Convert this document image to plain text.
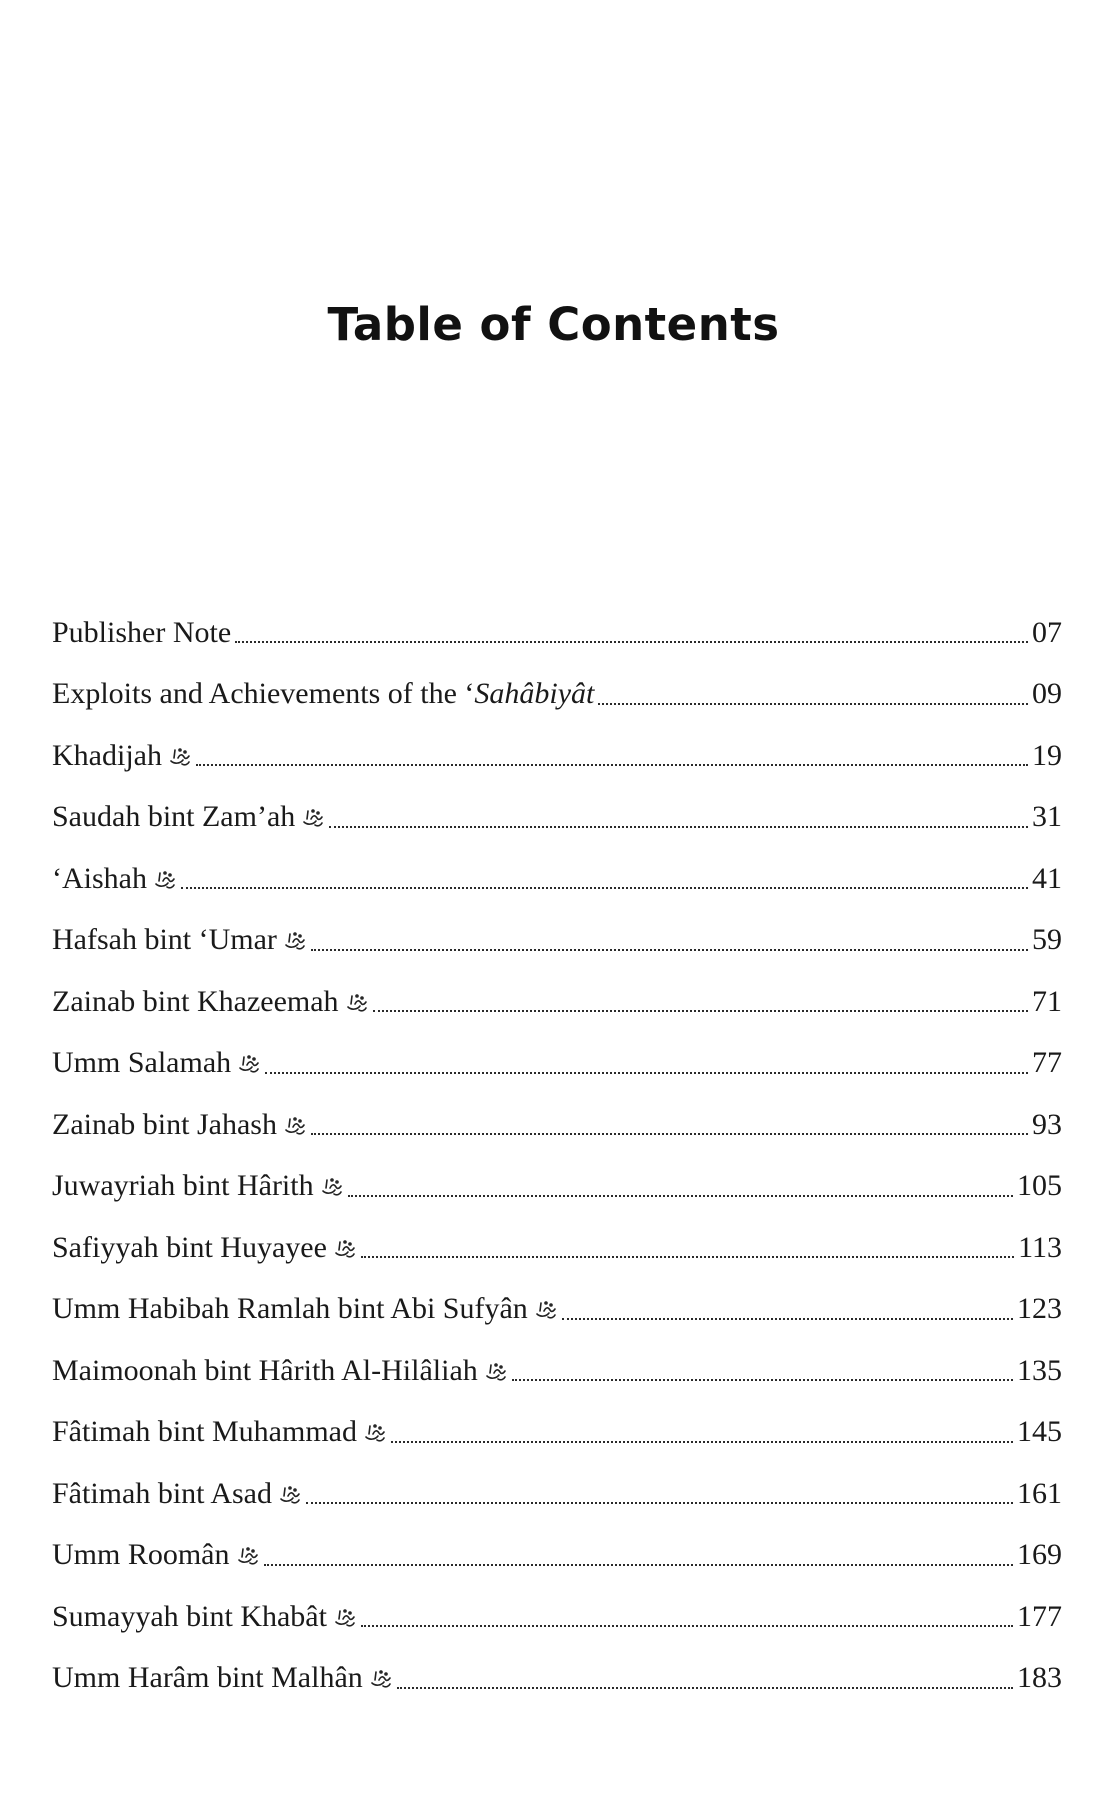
Table of Contents
Publisher Note	07
Exploits and Achievements of the ‘ Sahâbiyât	09
Khadijah	19
Saudah bint Zam’ah	31
‘Aishah	41
Hafsah bint ‘Umar	59
Zainab bint Khazeemah	71
Umm Salamah	77
Zainab bint Jahash	93
Juwayriah bint Hârith	105
Safiyyah bint Huyayee	113
Umm Habibah Ramlah bint Abi Sufyân	123
Maimoonah bint Hârith Al-Hilâliah	135
Fâtimah bint Muhammad	145
Fâtimah bint Asad	161
Umm Roomân	169
Sumayyah bint Khabât	177
Umm Harâm bint Malhân	183
